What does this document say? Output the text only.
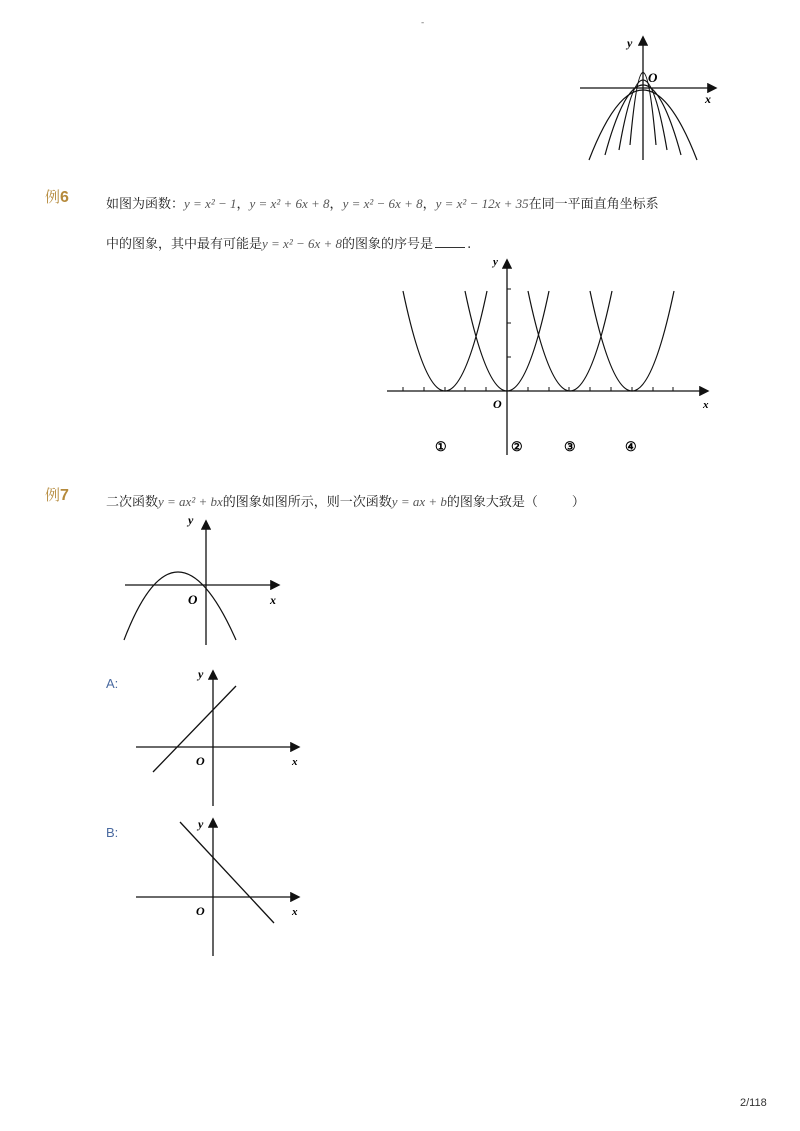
-
y
O
x
例6	如图为函数：y = x² − 1，y = x² + 6x + 8，y = x² − 6x + 8，y = x² − 12x + 35在同一平面直角坐标系
中的图象，其中最有可能是y = x² − 6x + 8的图象的序号是	.
y
O	x
①	②	③	④
例7	二次函数y = ax² + bx的图象如图所示，则一次函数y = ax + b的图象大致是（	）
y
O	x
A:
y
O	x
B:
y
O	x
2/118
